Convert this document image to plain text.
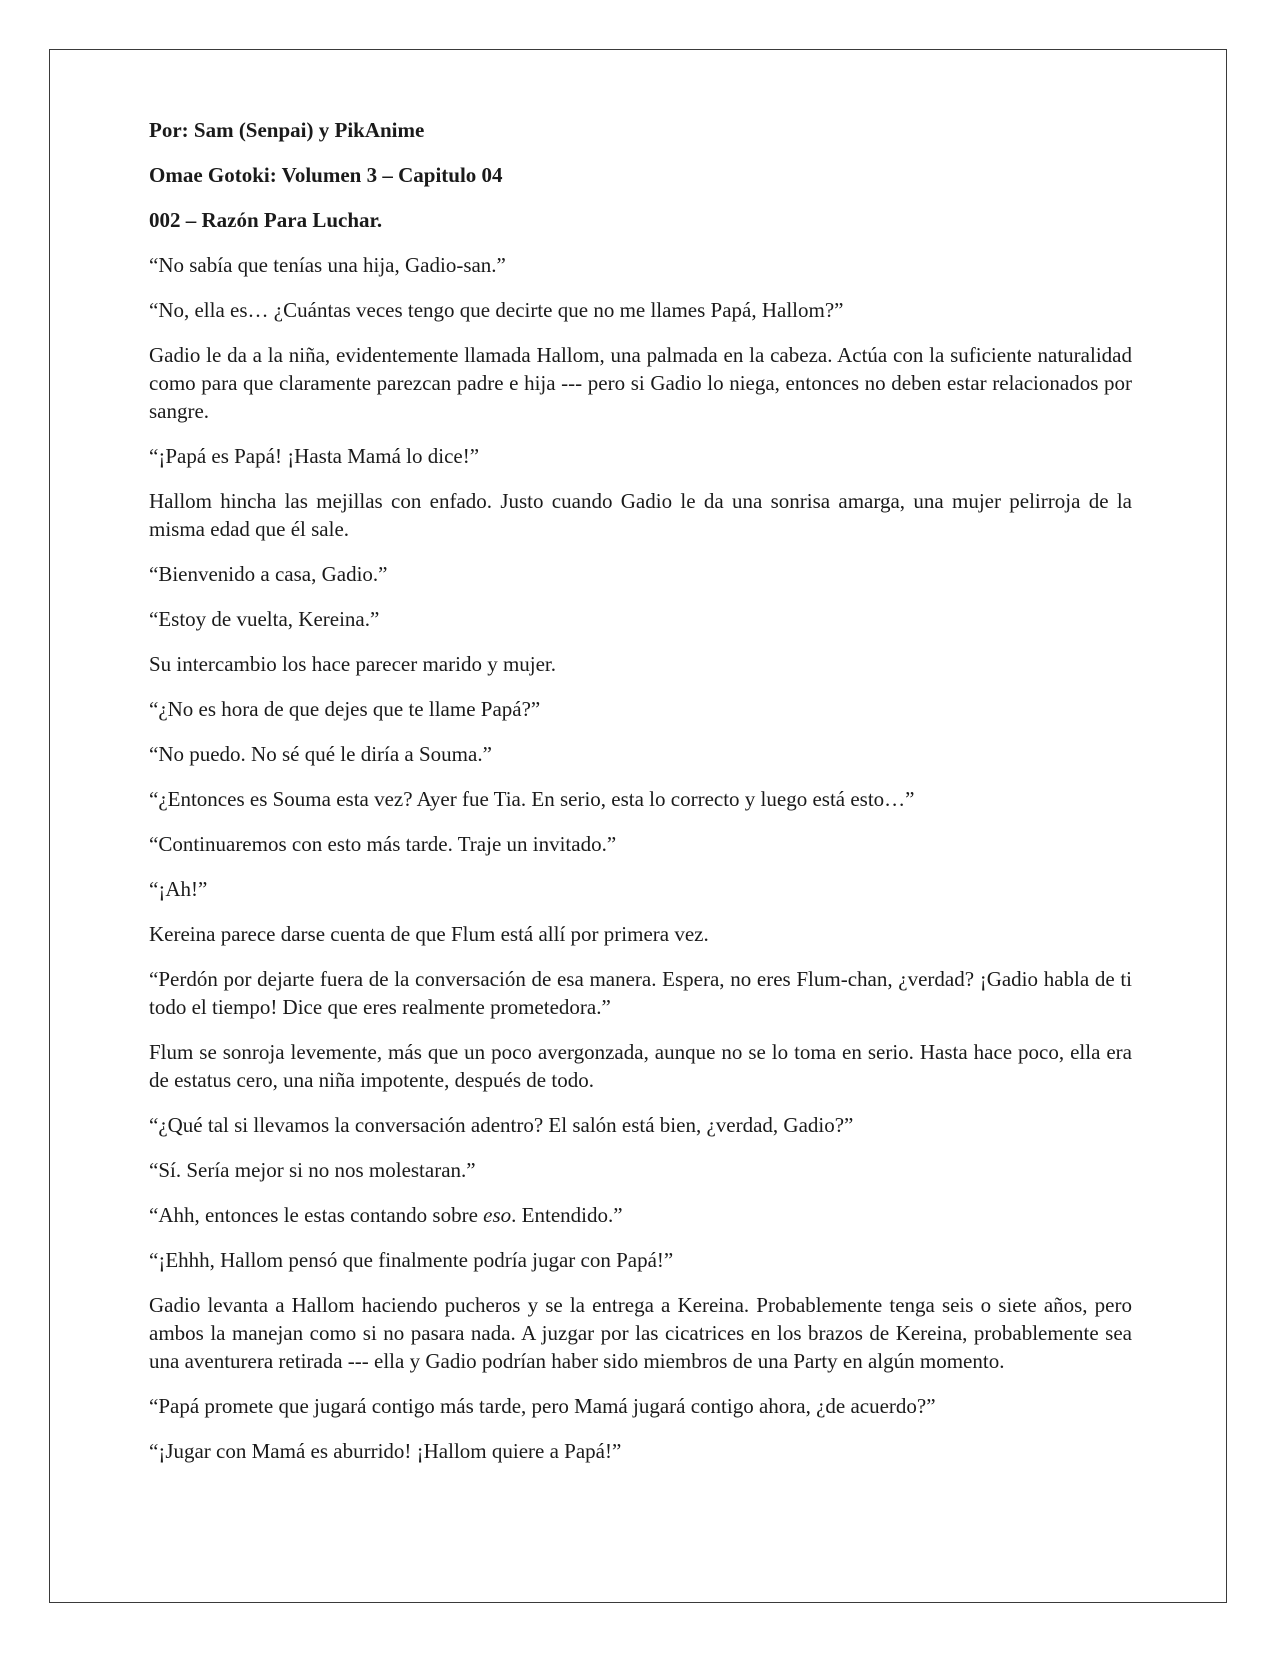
Por: Sam (Senpai) y PikAnime

Omae Gotoki: Volumen 3 – Capitulo 04

002 – Razón Para Luchar.

“No sabía que tenías una hija, Gadio-san.”

“No, ella es… ¿Cuántas veces tengo que decirte que no me llames Papá, Hallom?”

Gadio le da a la niña, evidentemente llamada Hallom, una palmada en la cabeza. Actúa con la suficiente naturalidad como para que claramente parezcan padre e hija --- pero si Gadio lo niega, entonces no deben estar relacionados por sangre.

“¡Papá es Papá! ¡Hasta Mamá lo dice!”

Hallom hincha las mejillas con enfado. Justo cuando Gadio le da una sonrisa amarga, una mujer pelirroja de la misma edad que él sale.

“Bienvenido a casa, Gadio.”

“Estoy de vuelta, Kereina.”

Su intercambio los hace parecer marido y mujer.

“¿No es hora de que dejes que te llame Papá?”

“No puedo. No sé qué le diría a Souma.”

“¿Entonces es Souma esta vez? Ayer fue Tia. En serio, esta lo correcto y luego está esto…”

“Continuaremos con esto más tarde. Traje un invitado.”

“¡Ah!”

Kereina parece darse cuenta de que Flum está allí por primera vez.

“Perdón por dejarte fuera de la conversación de esa manera. Espera, no eres Flum-chan, ¿verdad? ¡Gadio habla de ti todo el tiempo! Dice que eres realmente prometedora.”

Flum se sonroja levemente, más que un poco avergonzada, aunque no se lo toma en serio. Hasta hace poco, ella era de estatus cero, una niña impotente, después de todo.

“¿Qué tal si llevamos la conversación adentro? El salón está bien, ¿verdad, Gadio?”

“Sí. Sería mejor si no nos molestaran.”

“Ahh, entonces le estas contando sobre eso. Entendido.”

“¡Ehhh, Hallom pensó que finalmente podría jugar con Papá!”

Gadio levanta a Hallom haciendo pucheros y se la entrega a Kereina. Probablemente tenga seis o siete años, pero ambos la manejan como si no pasara nada. A juzgar por las cicatrices en los brazos de Kereina, probablemente sea una aventurera retirada --- ella y Gadio podrían haber sido miembros de una Party en algún momento.

“Papá promete que jugará contigo más tarde, pero Mamá jugará contigo ahora, ¿de acuerdo?”

“¡Jugar con Mamá es aburrido! ¡Hallom quiere a Papá!”
